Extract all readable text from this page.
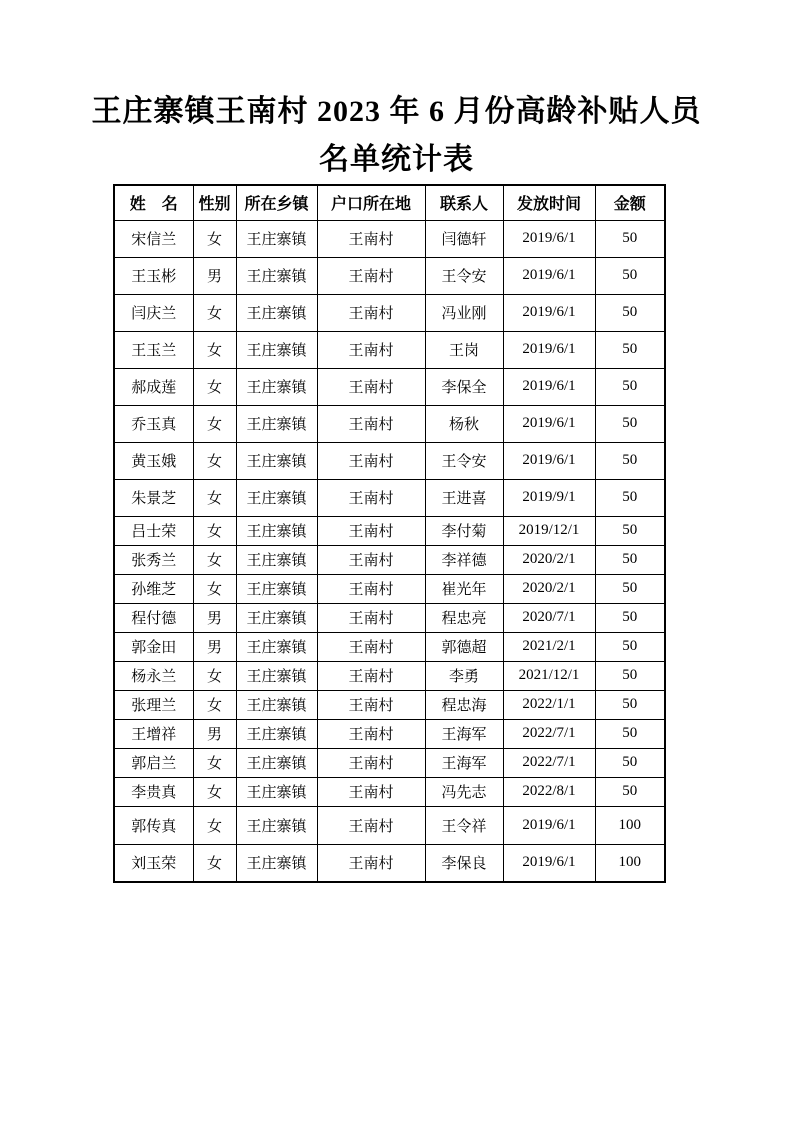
王庄寨镇王南村 2023 年 6 月份高龄补贴人员
名单统计表
姓　名	性别	所在乡镇	户口所在地	联系人	发放时间	金额
宋信兰	女	王庄寨镇	王南村	闫德轩	2019/6/1	50
王玉彬	男	王庄寨镇	王南村	王令安	2019/6/1	50
闫庆兰	女	王庄寨镇	王南村	冯业刚	2019/6/1	50
王玉兰	女	王庄寨镇	王南村	王岗	2019/6/1	50
郝成莲	女	王庄寨镇	王南村	李保全	2019/6/1	50
乔玉真	女	王庄寨镇	王南村	杨秋	2019/6/1	50
黄玉娥	女	王庄寨镇	王南村	王令安	2019/6/1	50
朱景芝	女	王庄寨镇	王南村	王进喜	2019/9/1	50
吕士荣	女	王庄寨镇	王南村	李付菊	2019/12/1	50
张秀兰	女	王庄寨镇	王南村	李祥德	2020/2/1	50
孙维芝	女	王庄寨镇	王南村	崔光年	2020/2/1	50
程付德	男	王庄寨镇	王南村	程忠亮	2020/7/1	50
郭金田	男	王庄寨镇	王南村	郭德超	2021/2/1	50
杨永兰	女	王庄寨镇	王南村	李勇	2021/12/1	50
张理兰	女	王庄寨镇	王南村	程忠海	2022/1/1	50
王增祥	男	王庄寨镇	王南村	王海军	2022/7/1	50
郭启兰	女	王庄寨镇	王南村	王海军	2022/7/1	50
李贵真	女	王庄寨镇	王南村	冯先志	2022/8/1	50
郭传真	女	王庄寨镇	王南村	王令祥	2019/6/1	100
刘玉荣	女	王庄寨镇	王南村	李保良	2019/6/1	100
